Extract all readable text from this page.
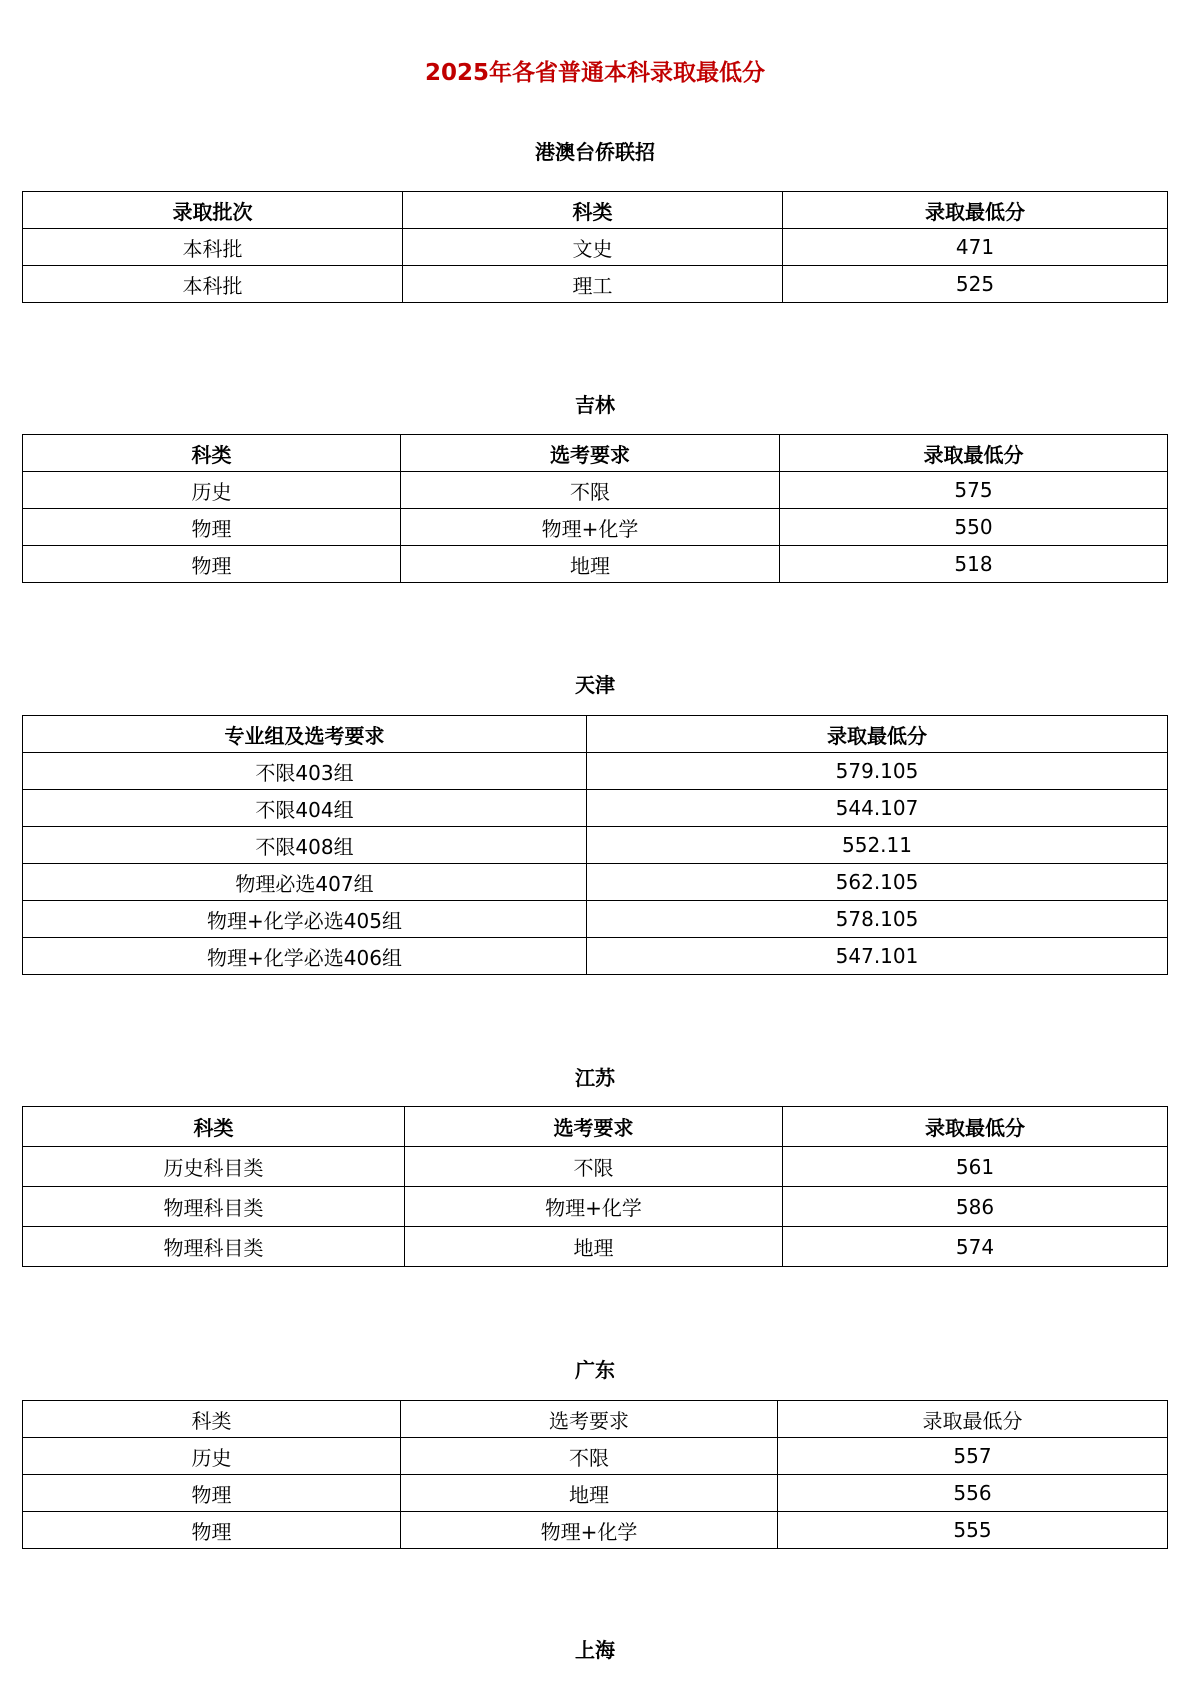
2025年各省普通本科录取最低分
港澳台侨联招
录取批次	科类	录取最低分
本科批	文史	471
本科批	理工	525
吉林
科类	选考要求	录取最低分
历史	不限	575
物理	物理+化学	550
物理	地理	518
天津
专业组及选考要求	录取最低分
不限403组	579.105
不限404组	544.107
不限408组	552.11
物理必选407组	562.105
物理+化学必选405组	578.105
物理+化学必选406组	547.101
江苏
科类	选考要求	录取最低分
历史科目类	不限	561
物理科目类	物理+化学	586
物理科目类	地理	574
广东
科类	选考要求	录取最低分
历史	不限	557
物理	地理	556
物理	物理+化学	555
上海
